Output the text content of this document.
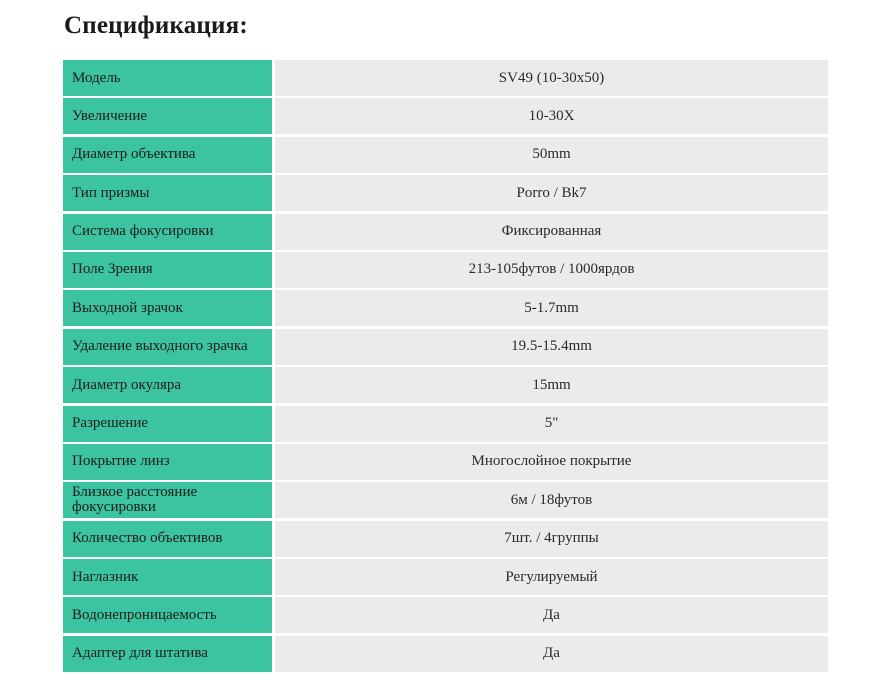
Спецификация:
Модель	SV49 (10-30x50)
Увеличение	10-30X
Диаметр объектива	50mm
Тип призмы	Porro / Bk7
Система фокусировки	Фиксированная
Поле Зрения	213-105футов / 1000ярдов
Выходной зрачок	5-1.7mm
Удаление выходного зрачка	19.5-15.4mm
Диаметр окуляра	15mm
Разрешение	5"
Покрытие линз	Многослойное покрытие
Близкое расстояние
фокусировки	6м / 18футов
Количество объективов	7шт. / 4группы
Наглазник	Регулируемый
Водонепроницаемость	Да
Адаптер для штатива	Да
